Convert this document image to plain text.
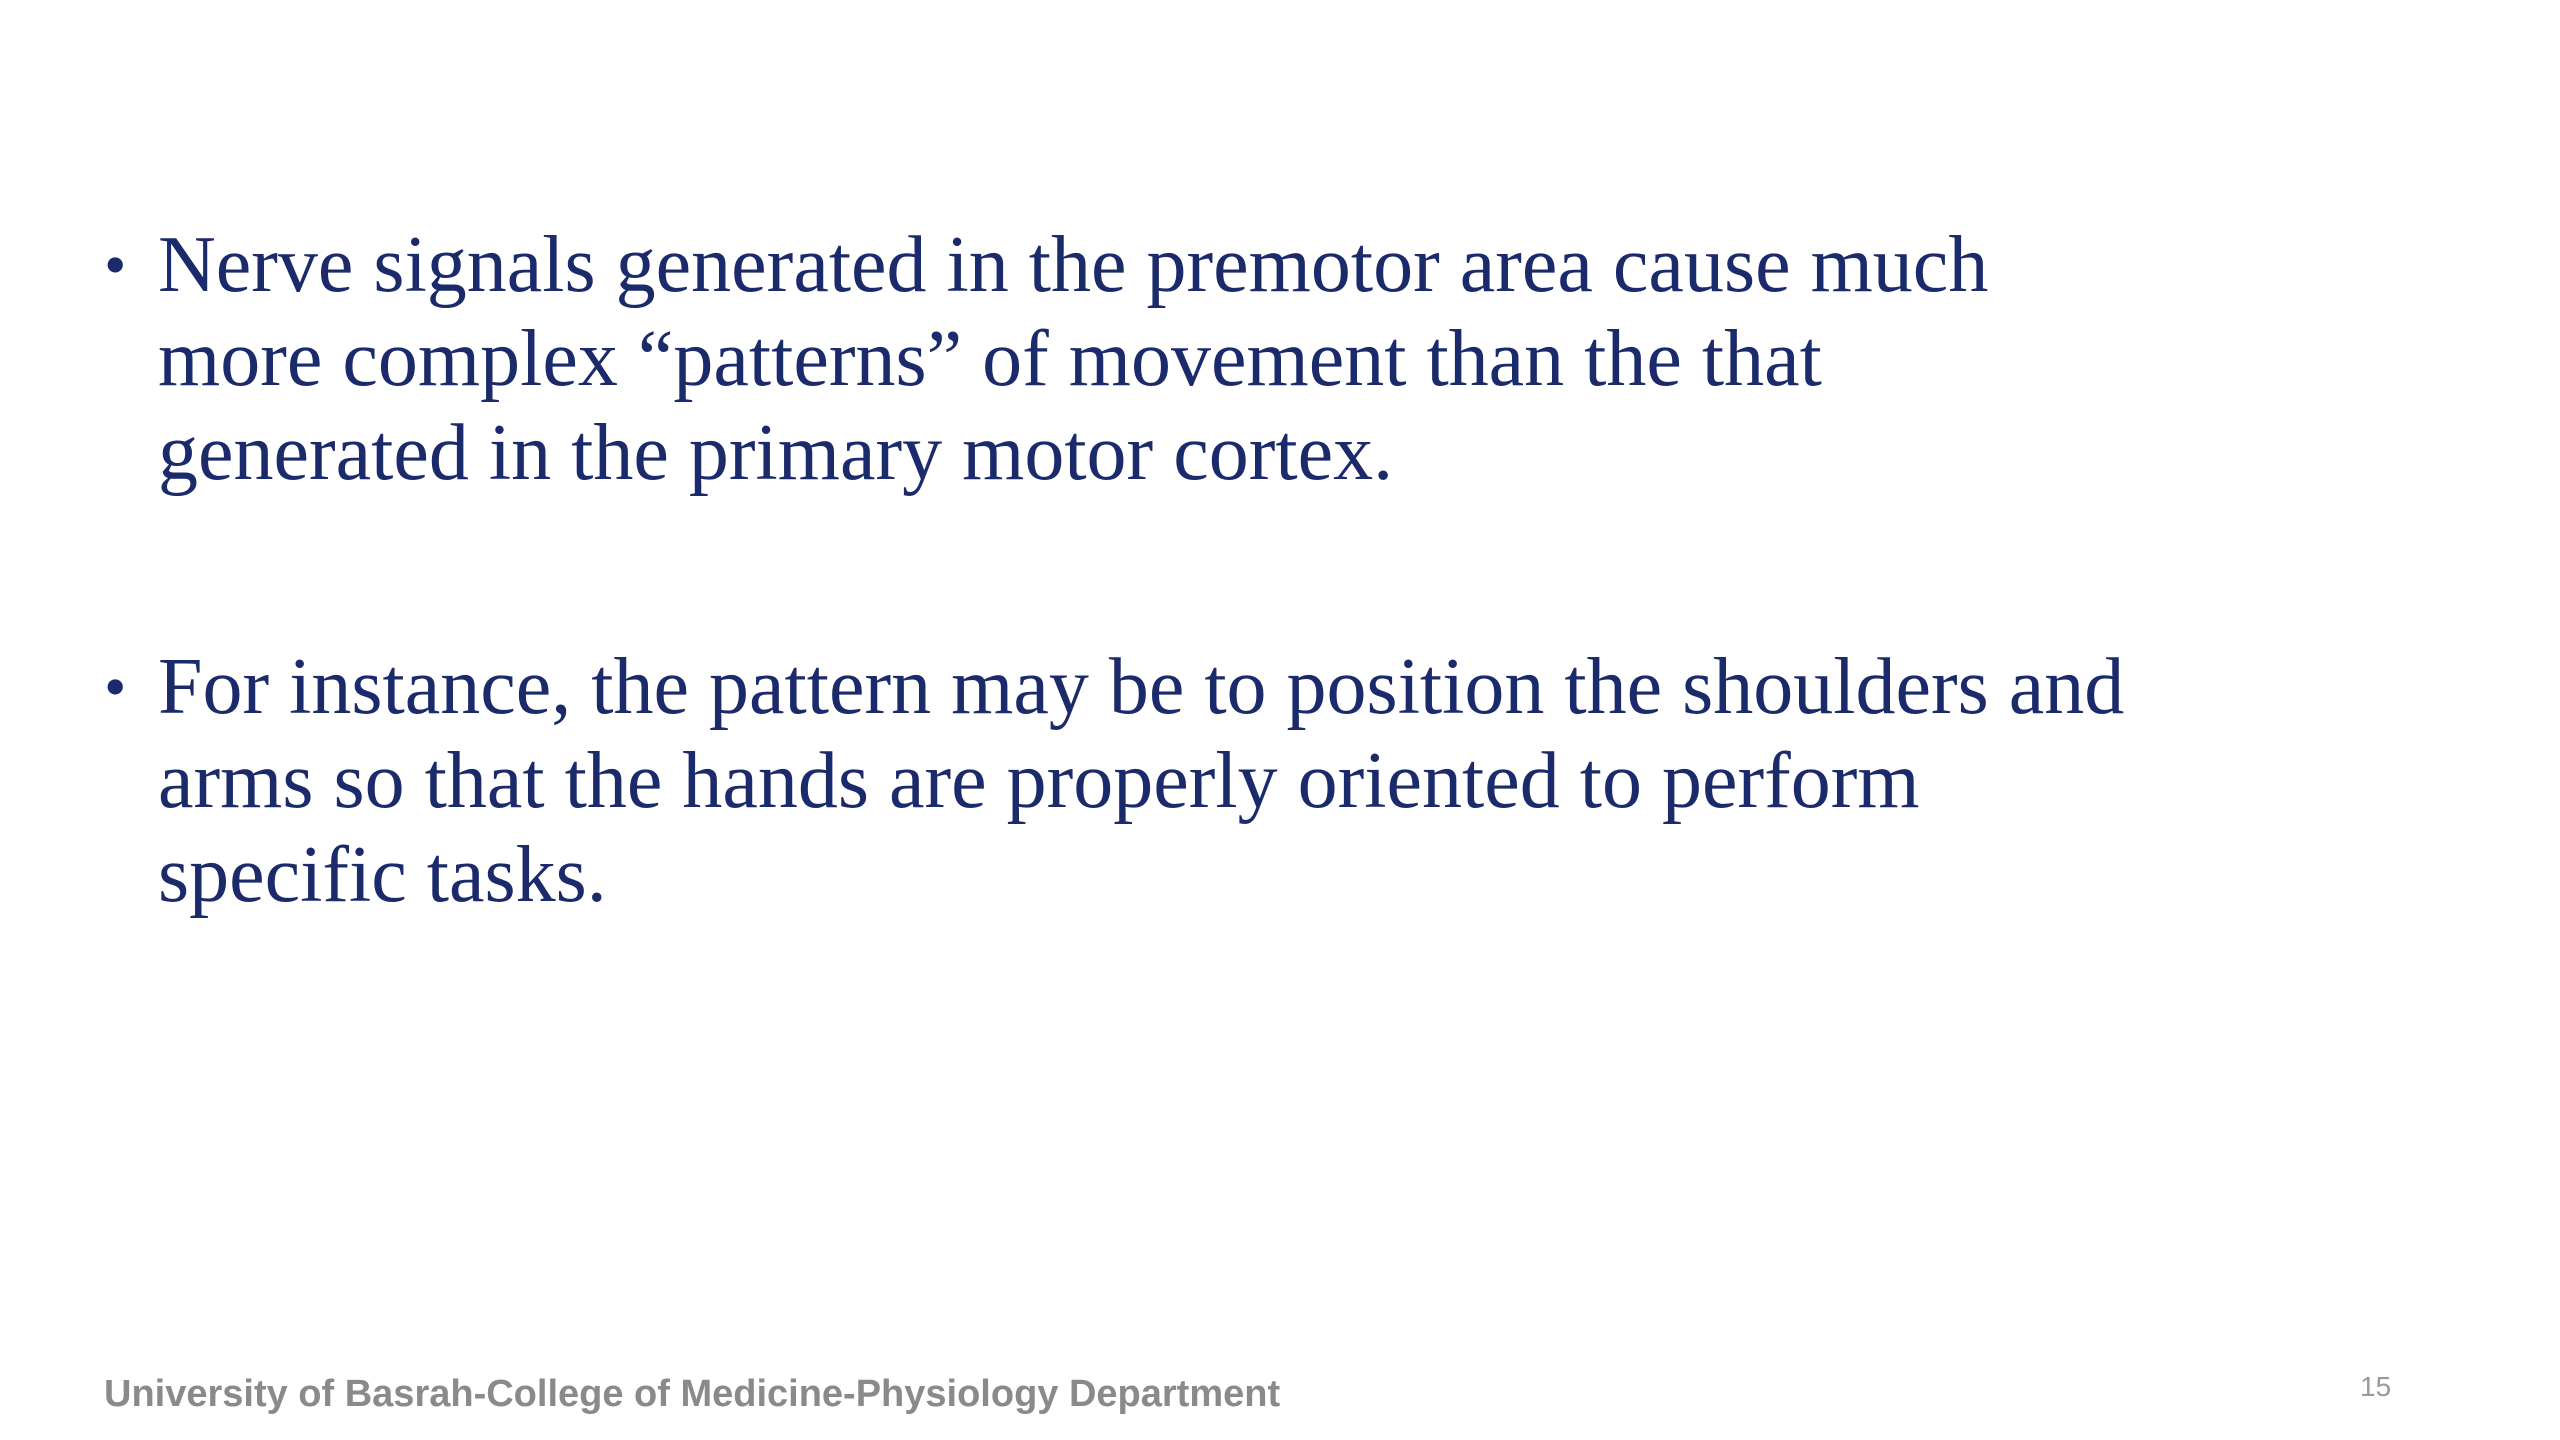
• Nerve signals generated in the premotor area cause much
more complex “patterns” of movement than the that
generated in the primary motor cortex.
• For instance, the pattern may be to position the shoulders and
arms so that the hands are properly oriented to perform
specific tasks.
University of Basrah-College of Medicine-Physiology Department	15
